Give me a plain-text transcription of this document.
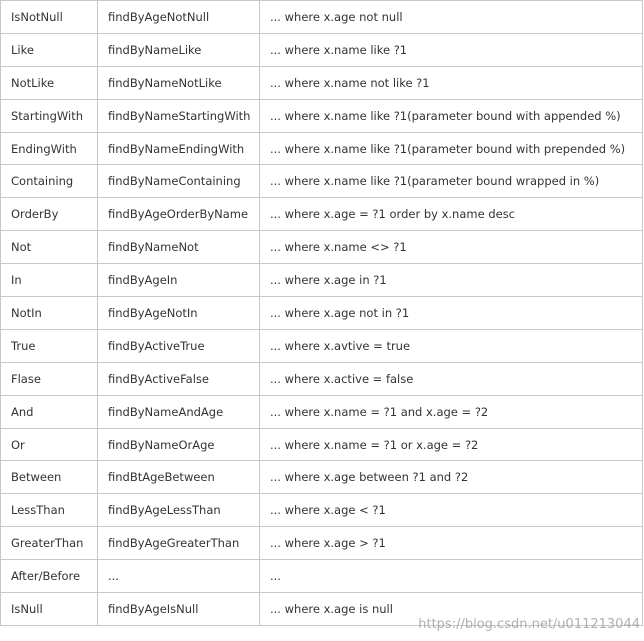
IsNotNull	findByAgeNotNull	... where x.age not null
Like	findByNameLike	... where x.name like ?1
NotLike	findByNameNotLike	... where x.name not like ?1
StartingWith	findByNameStartingWith	... where x.name like ?1(parameter bound with appended %)
EndingWith	findByNameEndingWith	... where x.name like ?1(parameter bound with prepended %)
Containing	findByNameContaining	... where x.name like ?1(parameter bound wrapped in %)
OrderBy	findByAgeOrderByName	... where x.age = ?1 order by x.name desc
Not	findByNameNot	... where x.name <> ?1
In	findByAgeIn	... where x.age in ?1
NotIn	findByAgeNotIn	... where x.age not in ?1
True	findByActiveTrue	... where x.avtive = true
Flase	findByActiveFalse	... where x.active = false
And	findByNameAndAge	... where x.name = ?1 and x.age = ?2
Or	findByNameOrAge	... where x.name = ?1 or x.age = ?2
Between	findBtAgeBetween	... where x.age between ?1 and ?2
LessThan	findByAgeLessThan	... where x.age < ?1
GreaterThan	findByAgeGreaterThan	... where x.age > ?1
After/Before	...	...
IsNull	findByAgeIsNull	... where x.age is null
https://blog.csdn.net/u011213044
